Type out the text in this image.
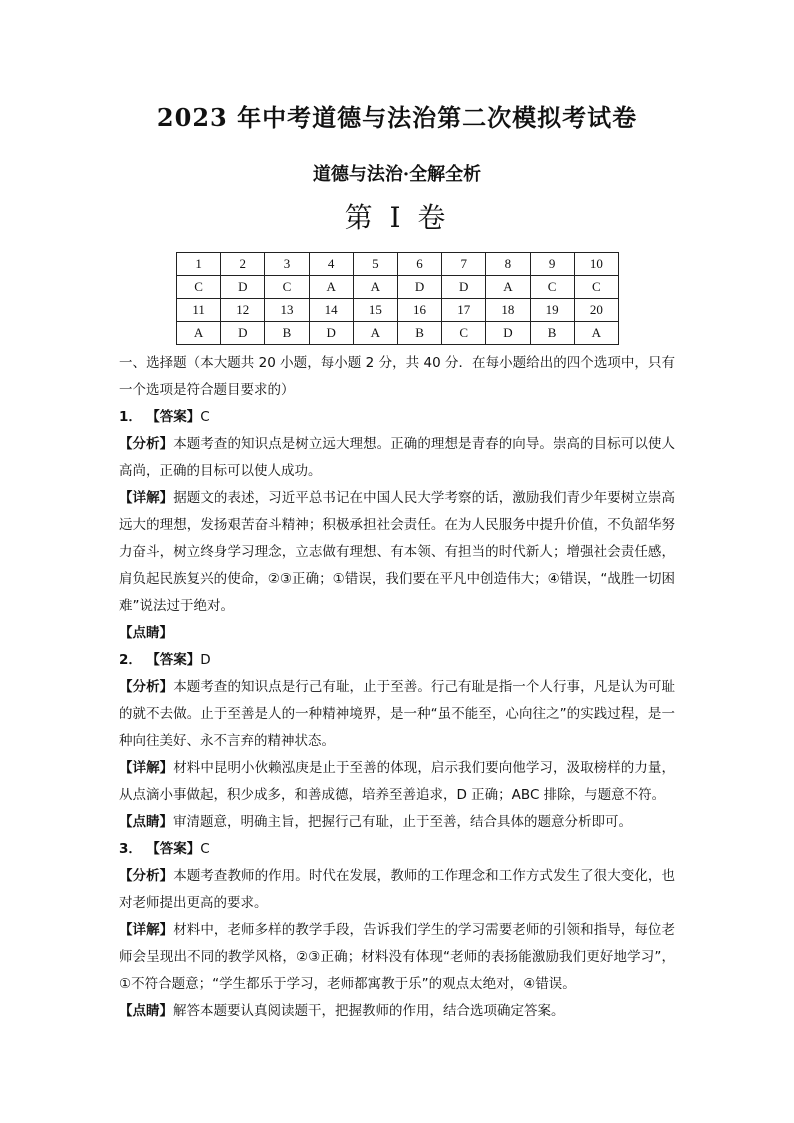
2023 年中考道德与法治第二次模拟考试卷
道德与法治·全解全析
第 I 卷
1	2	3	4	5	6	7	8	9	10
C	D	C	A	A	D	D	A	C	C
11	12	13	14	15	16	17	18	19	20
A	D	B	D	A	B	C	D	B	A

一、选择题（本大题共 20 小题，每小题 2 分，共 40 分．在每小题给出的四个选项中，只有一个选项是符合题目要求的）

1． 【答案】C

【分析】本题考查的知识点是树立远大理想。正确的理想是青春的向导。崇高的目标可以使人高尚，正确的目标可以使人成功。

【详解】据题文的表述，习近平总书记在中国人民大学考察的话，激励我们青少年要树立崇高远大的理想，发扬艰苦奋斗精神；积极承担社会责任。在为人民服务中提升价值，不负韶华努力奋斗，树立终身学习理念，立志做有理想、有本领、有担当的时代新人；增强社会责任感，肩负起民族复兴的使命，②③正确；①错误，我们要在平凡中创造伟大；④错误，“战胜一切困难”说法过于绝对。

【点睛】

2． 【答案】D

【分析】本题考查的知识点是行己有耻，止于至善。行己有耻是指一个人行事，凡是认为可耻的就不去做。止于至善是人的一种精神境界，是一种“虽不能至，心向往之”的实践过程，是一种向往美好、永不言弃的精神状态。

【详解】材料中昆明小伙赖泓庚是止于至善的体现，启示我们要向他学习，汲取榜样的力量，从点滴小事做起，积少成多，和善成德，培养至善追求，D 正确；ABC 排除，与题意不符。

【点睛】审清题意，明确主旨，把握行己有耻，止于至善，结合具体的题意分析即可。

3． 【答案】C

【分析】本题考查教师的作用。时代在发展，教师的工作理念和工作方式发生了很大变化，也对老师提出更高的要求。

【详解】材料中，老师多样的教学手段，告诉我们学生的学习需要老师的引领和指导，每位老师会呈现出不同的教学风格，②③正确；材料没有体现“老师的表扬能激励我们更好地学习”，①不符合题意；“学生都乐于学习，老师都寓教于乐”的观点太绝对，④错误。

【点睛】解答本题要认真阅读题干，把握教师的作用，结合选项确定答案。
